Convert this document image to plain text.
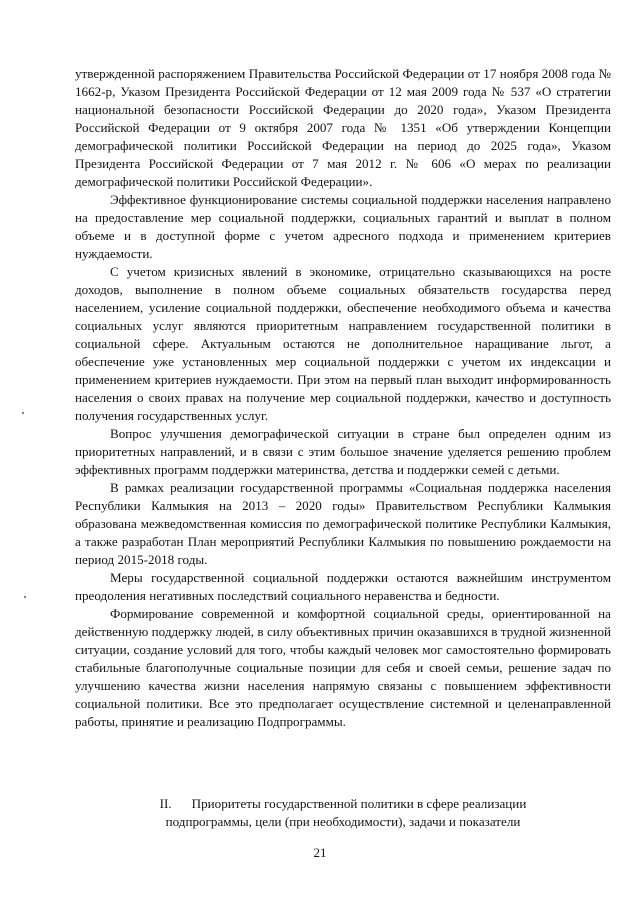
утвержденной распоряжением Правительства Российской Федерации от 17 ноября 2008 года № 1662-р, Указом Президента Российской Федерации от 12 мая 2009 года № 537 «О стратегии национальной безопасности Российской Федерации до 2020 года», Указом Президента Российской Федерации от 9 октября 2007 года № 1351 «Об утверждении Концепции демографической политики Российской Федерации на период до 2025 года», Указом Президента Российской Федерации от 7 мая 2012 г. № 606 «О мерах по реализации демографической политики Российской Федерации».

Эффективное функционирование системы социальной поддержки населения направлено на предоставление мер социальной поддержки, социальных гарантий и выплат в полном объеме и в доступной форме с учетом адресного подхода и применением критериев нуждаемости.

С учетом кризисных явлений в экономике, отрицательно сказывающихся на росте доходов, выполнение в полном объеме социальных обязательств государства перед населением, усиление социальной поддержки, обеспечение необходимого объема и качества социальных услуг являются приоритетным направлением государственной политики в социальной сфере. Актуальным остаются не дополнительное наращивание льгот, а обеспечение уже установленных мер социальной поддержки с учетом их индексации и применением критериев нуждаемости. При этом на первый план выходит информированность населения о своих правах на получение мер социальной поддержки, качество и доступность получения государственных услуг.

Вопрос улучшения демографической ситуации в стране был определен одним из приоритетных направлений, и в связи с этим большое значение уделяется решению проблем эффективных программ поддержки материнства, детства и поддержки семей с детьми.

В рамках реализации государственной программы «Социальная поддержка населения Республики Калмыкия на 2013 – 2020 годы» Правительством Республики Калмыкия образована межведомственная комиссия по демографической политике Республики Калмыкия, а также разработан План мероприятий Республики Калмыкия по повышению рождаемости на период 2015-2018 годы.

Меры государственной социальной поддержки остаются важнейшим инструментом преодоления негативных последствий социального неравенства и бедности.

Формирование современной и комфортной социальной среды, ориентированной на действенную поддержку людей, в силу объективных причин оказавшихся в трудной жизненной ситуации, создание условий для того, чтобы каждый человек мог самостоятельно формировать стабильные благополучные социальные позиции для себя и своей семьи, решение задач по улучшению качества жизни населения напрямую связаны с повышением эффективности социальной политики. Все это предполагает осуществление системной и целенаправленной работы, принятие и реализацию Подпрограммы.

II. Приоритеты государственной политики в сфере реализации
подпрограммы, цели (при необходимости), задачи и показатели
21
